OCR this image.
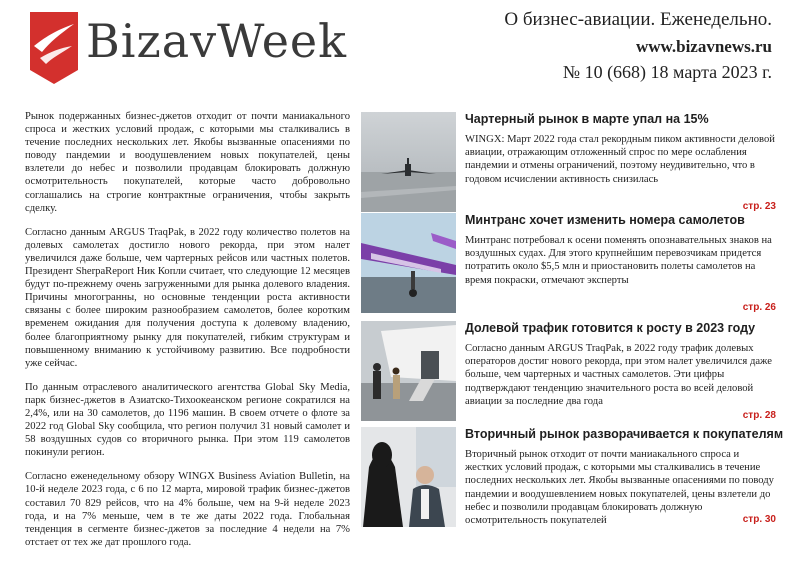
BizavWeek	О бизнес-авиации. Еженедельно.
www.bizavnews.ru
№ 10 (668) 18 марта 2023 г.

Рынок подержанных бизнес-джетов отходит от почти маниакального спроса и жестких условий продаж, с которыми мы сталкивались в течение последних нескольких лет. Якобы вызванные опасениями по поводу пандемии и воодушевлением новых покупателей, цены взлетели до небес и позволили продавцам блокировать должную осмотрительность покупателей, которые часто добровольно соглашались на строгие контрактные ограничения, чтобы закрыть сделку.

Согласно данным ARGUS TraqPak, в 2022 году количество полетов на долевых самолетах достигло нового рекорда, при этом налет увеличился даже больше, чем чартерных рейсов или частных полетов. Президент SherpaReport Ник Копли считает, что следующие 12 месяцев будут по-прежнему очень загруженными для рынка долевого владения. Причины многогранны, но основные тенденции роста активности связаны с более широким разнообразием самолетов, более коротким временем ожидания для получения доступа к долевому владению, более благоприятному рынку для покупателей, гибким структурам и повышенному вниманию к устойчивому развитию. Все подробности уже сейчас.

По данным отраслевого аналитического агентства Global Sky Media, парк бизнес-джетов в Азиатско-Тихоокеанском регионе сократился на 2,4%, или на 30 самолетов, до 1196 машин. В своем отчете о флоте за 2022 год Global Sky сообщила, что регион получил 31 новый самолет и 58 воздушных судов со вторичного рынка. При этом 119 самолетов покинули регион.

Согласно еженедельному обзору WINGX Business Aviation Bulletin, на 10-й неделе 2023 года, с 6 по 12 марта, мировой трафик бизнес-джетов составил 70 829 рейсов, что на 4% больше, чем на 9-й неделе 2023 года, и на 7% меньше, чем в те же даты 2022 года. Глобальная тенденция в сегменте бизнес-джетов за последние 4 недели на 7% отстает от тех же дат прошлого года.

Чартерный рынок в марте упал на 15%
WINGX: Март 2022 года стал рекордным пиком активности деловой авиации, отражающим отложенный спрос по мере ослабления пандемии и отмены ограничений, поэтому неудивительно, что в годовом исчислении активность снизилась
стр. 23
Минтранс хочет изменить номера самолетов
Минтранс потребовал к осени поменять опознавательных знаков на воздушных судах. Для этого крупнейшим перевозчикам придется потратить около $5,5 млн и приостановить полеты самолетов на время покраски, отмечают эксперты
стр. 26
Долевой трафик готовится к росту в 2023 году
Согласно данным ARGUS TraqPak, в 2022 году трафик долевых операторов достиг нового рекорда, при этом налет увеличился даже больше, чем чартерных и частных самолетов. Эти цифры подтверждают тенденцию значительного роста во всей деловой авиации за последние два года
стр. 28
Вторичный рынок разворачивается к покупателям
Вторичный рынок отходит от почти маниакального спроса и жестких условий продаж, с которыми мы сталкивались в течение последних нескольких лет. Якобы вызванные опасениями по поводу пандемии и воодушевлением новых покупателей, цены взлетели до небес и позволили продавцам блокировать должную осмотрительность покупателей	стр. 30
